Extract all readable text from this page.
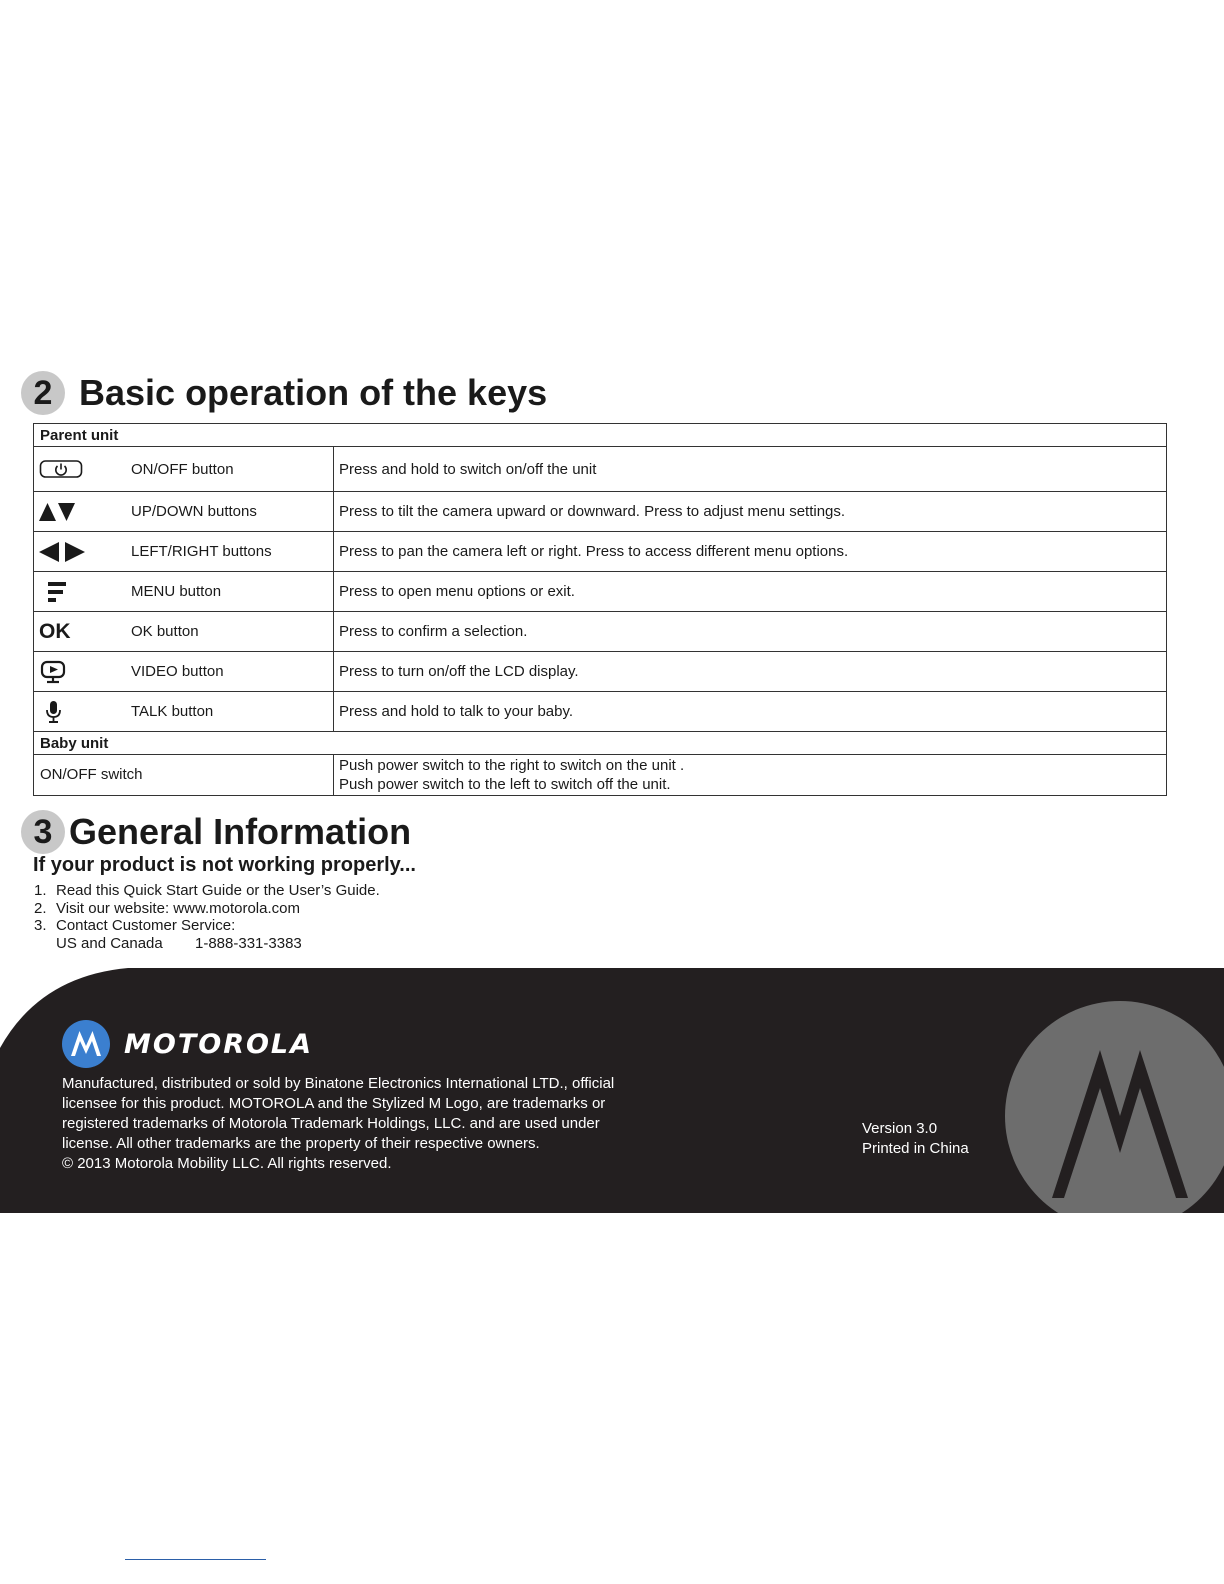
2 Basic operation of the keys
Parent unit	

ON/OFF button	Press and hold to switch on/off the unit

UP/DOWN buttons	Press to tilt the camera upward or downward. Press to adjust menu settings.

LEFT/RIGHT buttons	Press to pan the camera left or right. Press to access different menu options.

MENU button	Press to open menu options or exit.

OK OK button	Press to confirm a selection.

VIDEO button	Press to turn on/off the LCD display.

TALK button	Press and hold to talk to your baby.
Baby unit	
ON/OFF switch	Push power switch to the right to switch on the unit .
Push power switch to the left to switch off the unit.
3 General Information
If your product is not working properly...
1. Read this Quick Start Guide or the User’s Guide.
2. Visit our website: www.motorola.com
3. Contact Customer Service:
US and Canada	1-888-331-3383
MOTOROLA
Manufactured, distributed or sold by Binatone Electronics International LTD., official
licensee for this product. MOTOROLA and the Stylized M Logo, are trademarks or
registered trademarks of Motorola Trademark Holdings, LLC. and are used under
license. All other trademarks are the property of their respective owners.
© 2013 Motorola Mobility LLC. All rights reserved.
Version 3.0
Printed in China
